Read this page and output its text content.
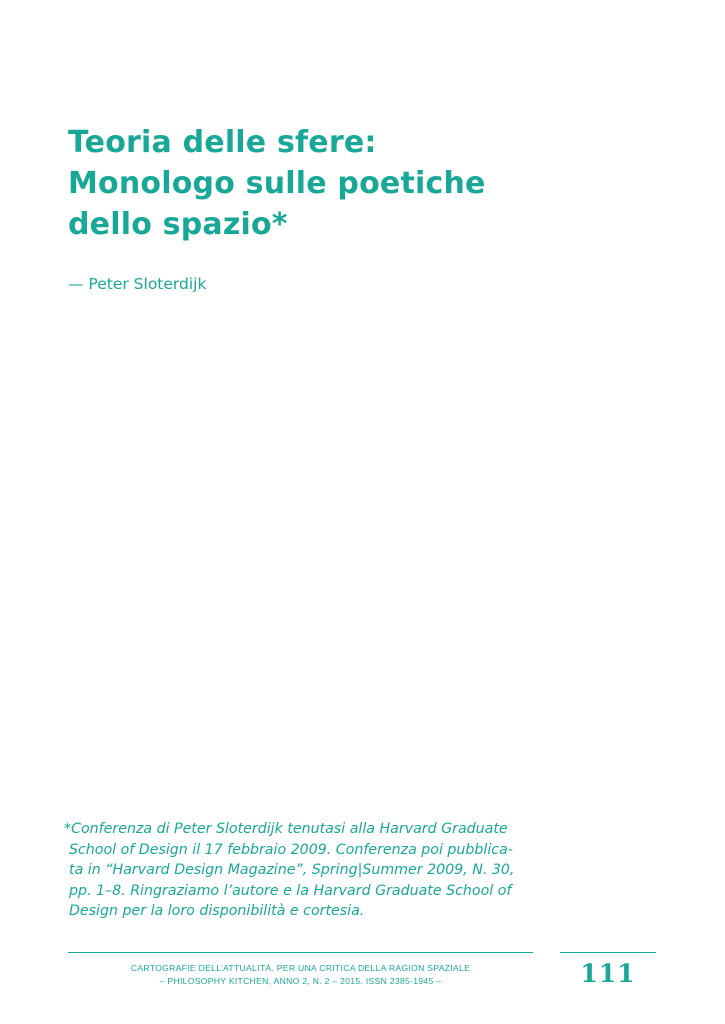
Teoria delle sfere:
Monologo sulle poetiche
dello spazio*
— Peter Sloterdijk
*Conferenza di Peter Sloterdijk tenutasi alla Harvard Graduate
School of Design il 17 febbraio 2009. Conferenza poi pubblica-
ta in “Harvard Design Magazine”, Spring|Summer 2009, N. 30,
pp. 1–8. Ringraziamo l’autore e la Harvard Graduate School of
Design per la loro disponibilità e cortesia.
CARTOGRAFIE DELL’ATTUALITÀ. PER UNA CRITICA DELLA RAGION SPAZIALE
– PHILOSOPHY KITCHEN, ANNO 2, N. 2 – 2015. ISSN 2385-1945 –	111
